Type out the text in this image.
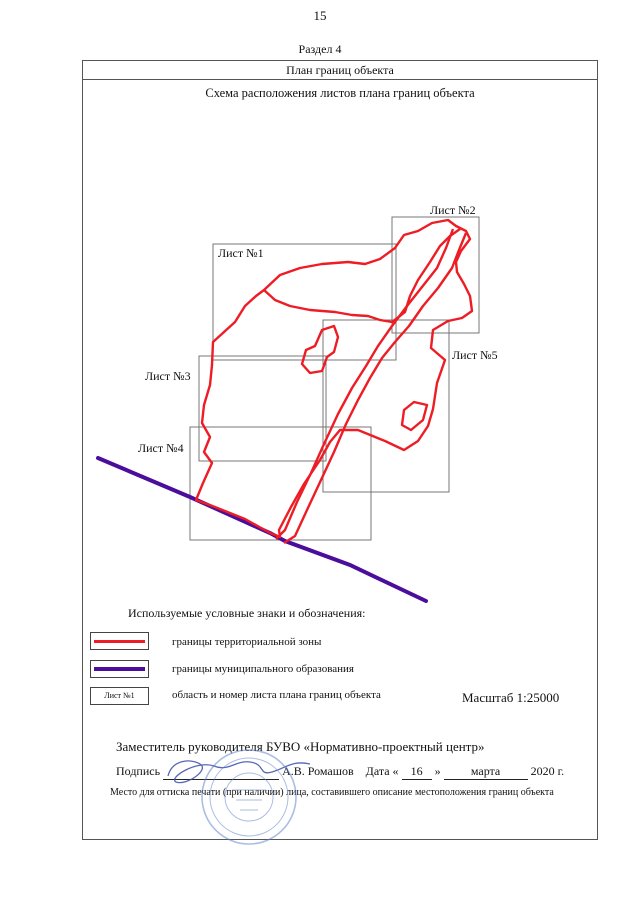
15
Раздел 4
План границ объекта
Схема расположения листов плана границ объекта
Лист №1
Лист №2
Лист №3
Лист №4
Лист №5
Используемые условные знаки и обозначения:
границы территориальной зоны
границы муниципального образования
Лист №1	область и номер листа плана границ объекта	Масштаб 1:25000
Заместитель руководителя БУВО «Нормативно-проектный центр»
Подпись	А.В. Ромашов Дата « 16 »	марта	2020 г.
Место для оттиска печати (при наличии) лица, составившего описание местоположения границ объекта
